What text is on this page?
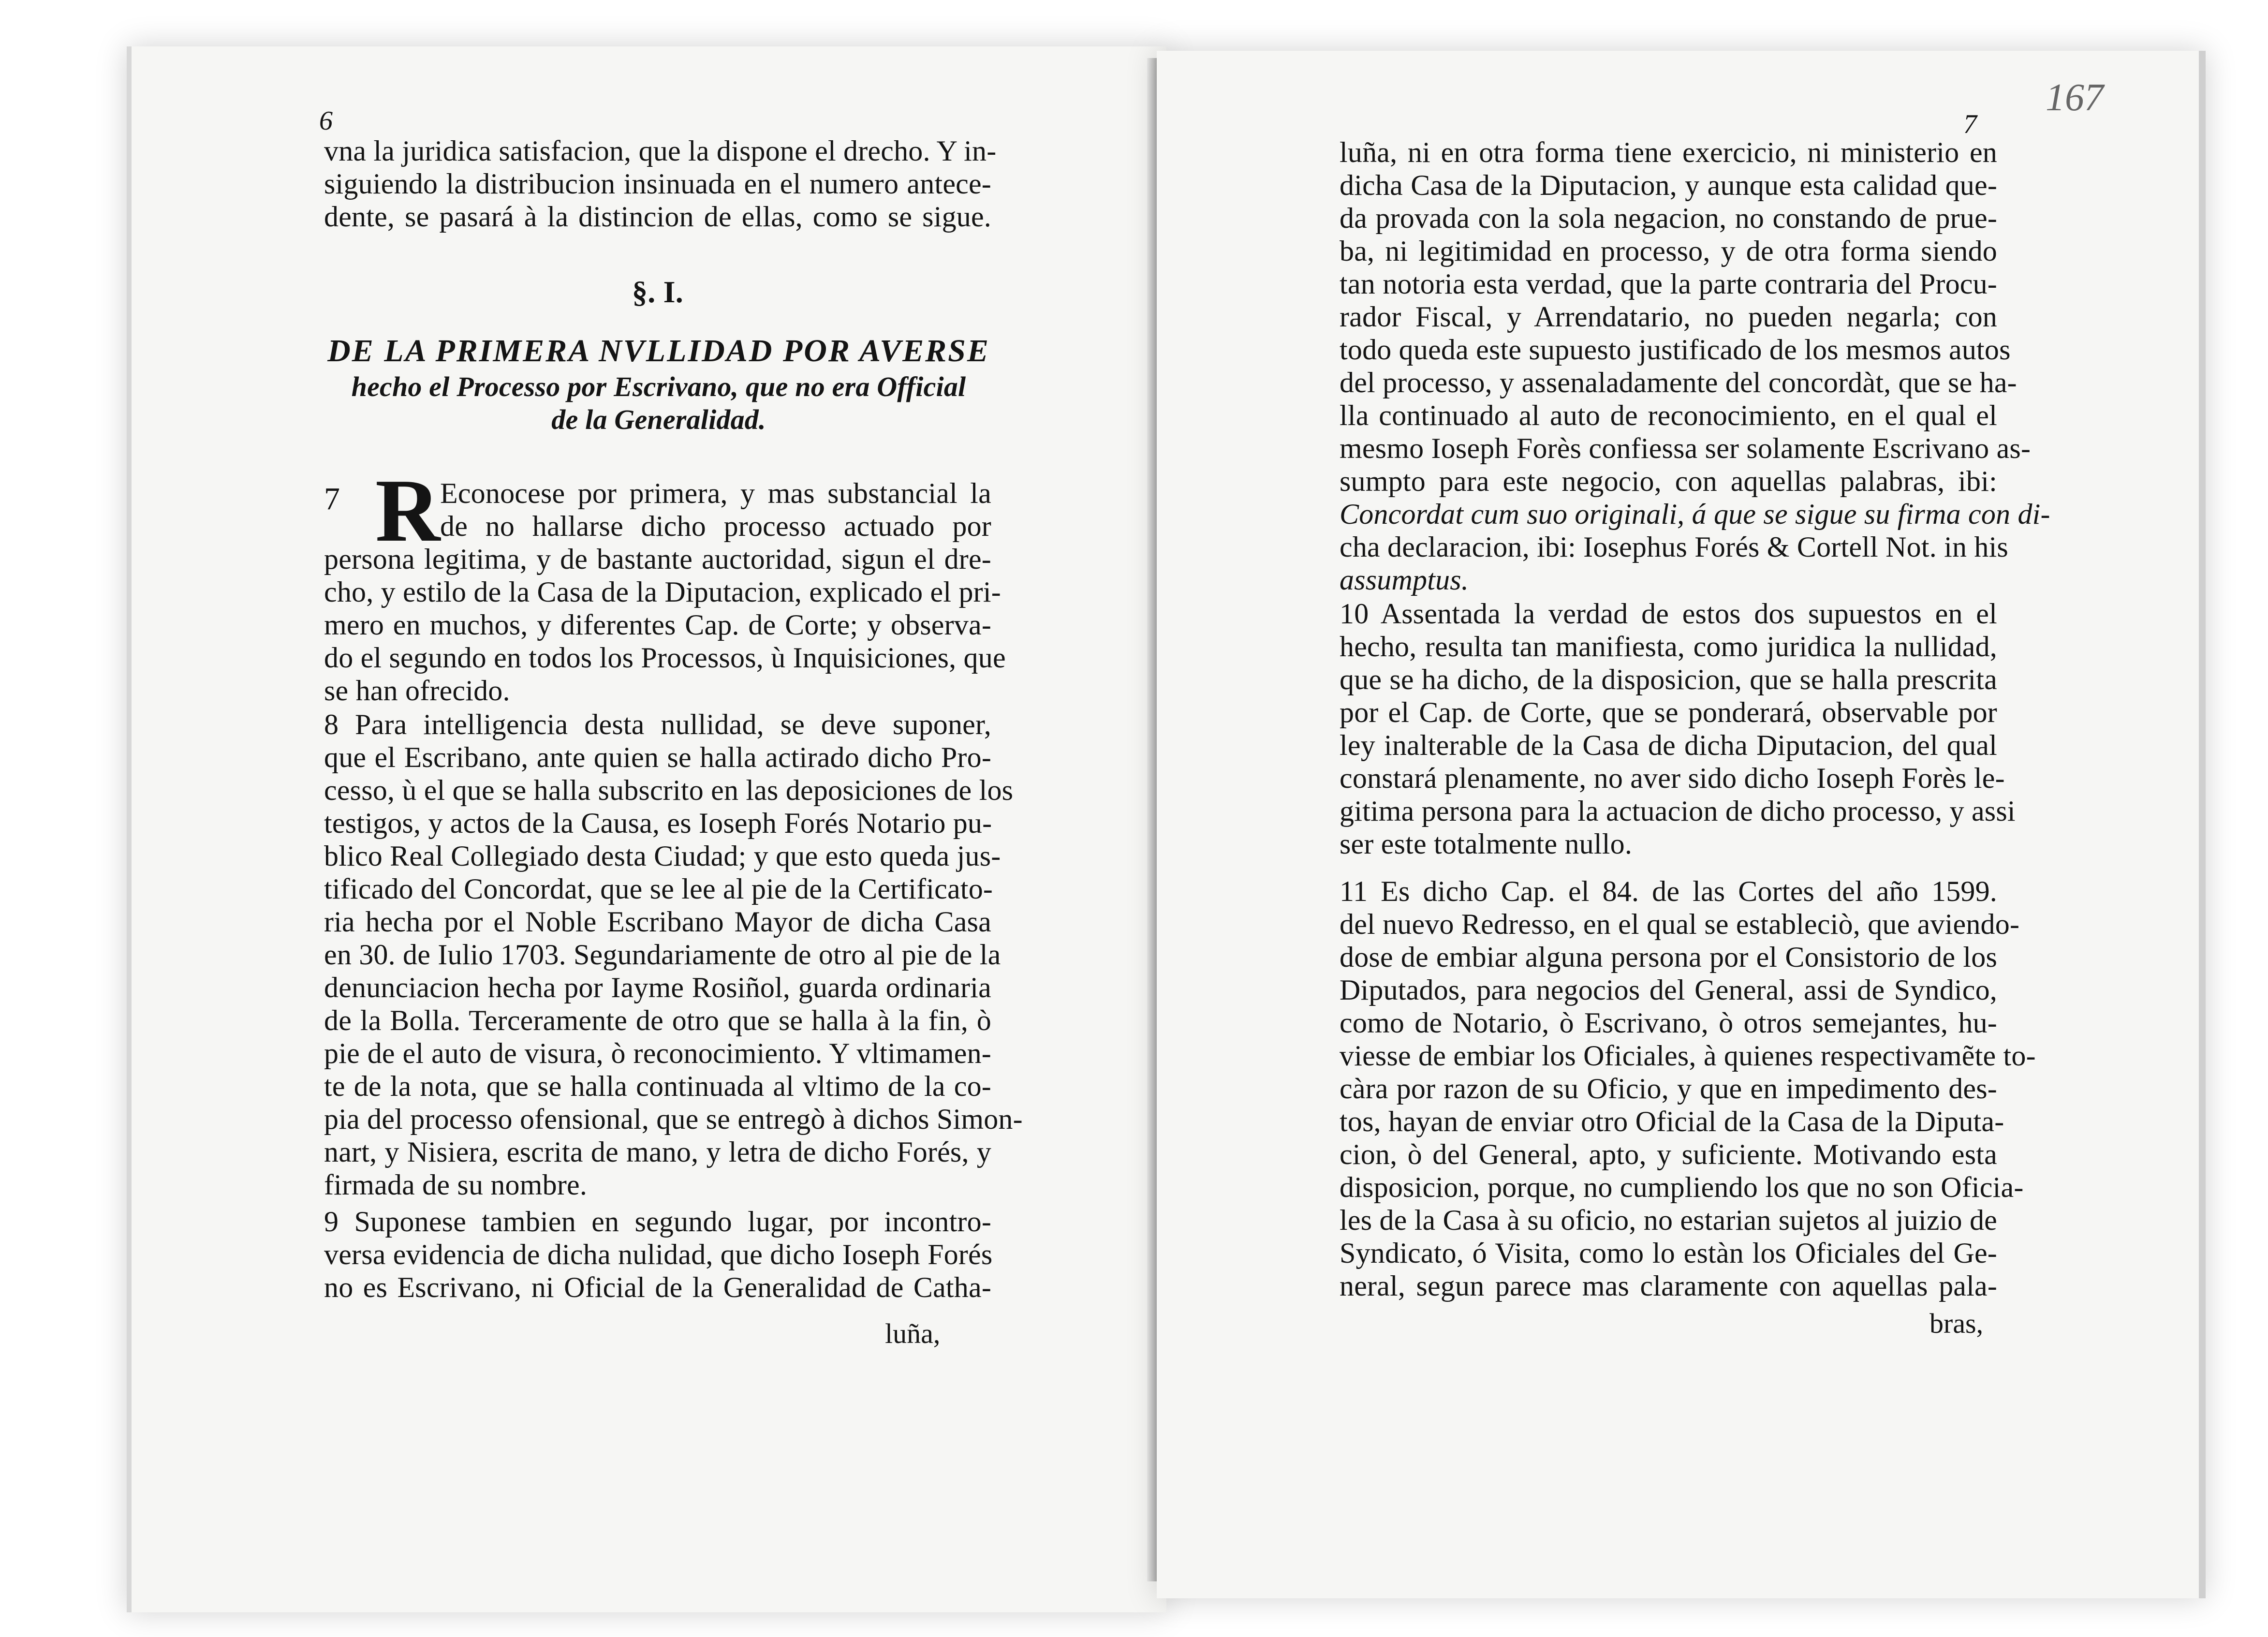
6
vna la juridica satisfacion, que la dispone el drecho. Y in-
siguiendo la distribucion insinuada en el numero antece-
dente, se pasará à la distincion de ellas, como se sigue.
§. I.
DE LA PRIMERA NVLLIDAD POR AVERSE
hecho el Processo por Escrivano, que no era Official
de la Generalidad.
7 R Econocese por primera, y mas substancial la
de no hallarse dicho processo actuado por
persona legitima, y de bastante auctoridad, sigun el dre-
cho, y estilo de la Casa de la Diputacion, explicado el pri-
mero en muchos, y diferentes Cap. de Corte; y observa-
do el segundo en todos los Processos, ù Inquisiciones, que
se han ofrecido.
8 Para intelligencia desta nullidad, se deve suponer,
que el Escribano, ante quien se halla actirado dicho Pro-
cesso, ù el que se halla subscrito en las deposiciones de los
testigos, y actos de la Causa, es Ioseph Forés Notario pu-
blico Real Collegiado desta Ciudad; y que esto queda jus-
tificado del Concordat, que se lee al pie de la Certificato-
ria hecha por el Noble Escribano Mayor de dicha Casa
en 30. de Iulio 1703. Segundariamente de otro al pie de la
denunciacion hecha por Iayme Rosiñol, guarda ordinaria
de la Bolla. Terceramente de otro que se halla à la fin, ò
pie de el auto de visura, ò reconocimiento. Y vltimamen-
te de la nota, que se halla continuada al vltimo de la co-
pia del processo ofensional, que se entregò à dichos Simon-
nart, y Nisiera, escrita de mano, y letra de dicho Forés, y
firmada de su nombre.
9 Suponese tambien en segundo lugar, por incontro-
versa evidencia de dicha nulidad, que dicho Ioseph Forés
no es Escrivano, ni Oficial de la Generalidad de Catha-
luña,
7
167
luña, ni en otra forma tiene exercicio, ni ministerio en
dicha Casa de la Diputacion, y aunque esta calidad que-
da provada con la sola negacion, no constando de prue-
ba, ni legitimidad en processo, y de otra forma siendo
tan notoria esta verdad, que la parte contraria del Procu-
rador Fiscal, y Arrendatario, no pueden negarla; con
todo queda este supuesto justificado de los mesmos autos
del processo, y assenaladamente del concordàt, que se ha-
lla continuado al auto de reconocimiento, en el qual el
mesmo Ioseph Forès confiessa ser solamente Escrivano as-
sumpto para este negocio, con aquellas palabras, ibi:
Concordat cum suo originali, á que se sigue su firma con di-
cha declaracion, ibi: Iosephus Forés & Cortell Not. in his
assumptus.
10 Assentada la verdad de estos dos supuestos en el
hecho, resulta tan manifiesta, como juridica la nullidad,
que se ha dicho, de la disposicion, que se halla prescrita
por el Cap. de Corte, que se ponderará, observable por
ley inalterable de la Casa de dicha Diputacion, del qual
constará plenamente, no aver sido dicho Ioseph Forès le-
gitima persona para la actuacion de dicho processo, y assi
ser este totalmente nullo.
11 Es dicho Cap. el 84. de las Cortes del año 1599.
del nuevo Redresso, en el qual se estableciò, que aviendo-
dose de embiar alguna persona por el Consistorio de los
Diputados, para negocios del General, assi de Syndico,
como de Notario, ò Escrivano, ò otros semejantes, hu-
viesse de embiar los Oficiales, à quienes respectivamẽte to-
càra por razon de su Oficio, y que en impedimento des-
tos, hayan de enviar otro Oficial de la Casa de la Diputa-
cion, ò del General, apto, y suficiente. Motivando esta
disposicion, porque, no cumpliendo los que no son Oficia-
les de la Casa à su oficio, no estarian sujetos al juizio de
Syndicato, ó Visita, como lo estàn los Oficiales del Ge-
neral, segun parece mas claramente con aquellas pala-
bras,
